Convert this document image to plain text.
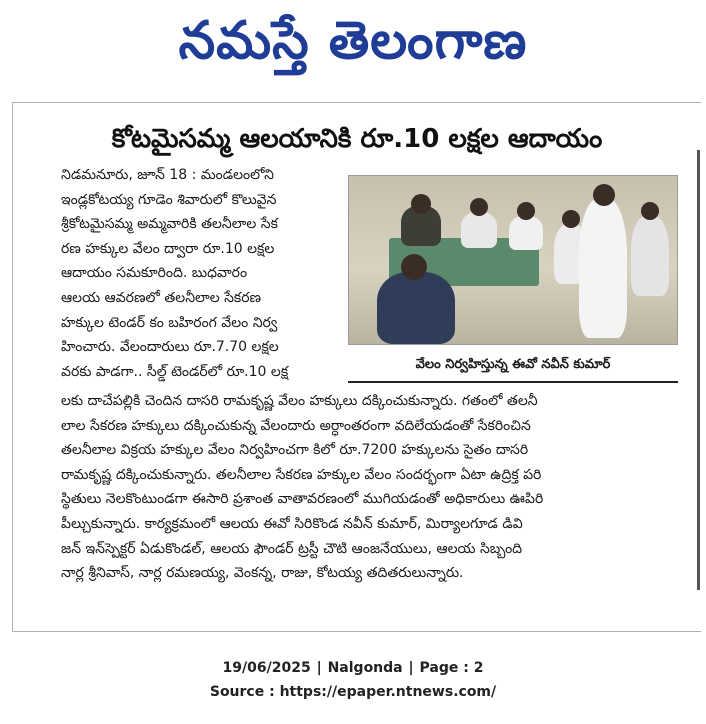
నమస్తే తెలంగాణ
కోటమైసమ్మ ఆలయానికి రూ.10 లక్షల ఆదాయం

నిడమనూరు, జూన్ 18 : మండలంలోని

ఇండ్లకోటయ్య గూడెం శివారులో కొలువైన

శ్రీకోటమైసమ్మ అమ్మవారికి తలనీలాల సేక

రణ హక్కుల వేలం ద్వారా రూ.10 లక్షల

ఆదాయం సమకూరింది. బుధవారం

ఆలయ ఆవరణలో తలనీలాల సేకరణ

హక్కుల టెండర్ కం బహిరంగ వేలం నిర్వ

హించారు. వేలందారులు రూ.7.70 లక్షల

వరకు పాడగా.. సీల్డ్ టెండర్‌లో రూ.10 లక్ష	వేలం నిర్వహిస్తున్న ఈవో నవీన్ కుమార్

లకు దాచేపల్లికి చెందిన దాసరి రామకృష్ణ వేలం హక్కులు దక్కించుకున్నారు. గతంలో తలనీ

లాల సేకరణ హక్కులు దక్కించుకున్న వేలందారు అర్ధాంతరంగా వదిలేయడంతో సేకరించిన

తలనీలాల విక్రయ హక్కుల వేలం నిర్వహించగా కిలో రూ.7200 హక్కులను సైతం దాసరి

రామకృష్ణ దక్కించుకున్నారు. తలనీలాల సేకరణ హక్కుల వేలం సందర్భంగా ఏటా ఉద్రిక్త పరి

స్థితులు నెలకొంటుండగా ఈసారి ప్రశాంత వాతావరణంలో ముగియడంతో అధికారులు ఊపిరి

పీల్చుకున్నారు. కార్యక్రమంలో ఆలయ ఈవో సిరికొండ నవీన్ కుమార్, మిర్యాలగూడ డివి

జన్ ఇన్‌స్పెక్టర్ ఏడుకొండల్, ఆలయ ఫౌండర్ ట్రస్టీ చౌటి ఆంజనేయులు, ఆలయ సిబ్బంది

నార్ల శ్రీనివాస్, నార్ల రమణయ్య, వెంకన్న, రాజు, కోటయ్య తదితరులున్నారు.

19/06/2025 | Nalgonda | Page : 2
Source : https://epaper.ntnews.com/
